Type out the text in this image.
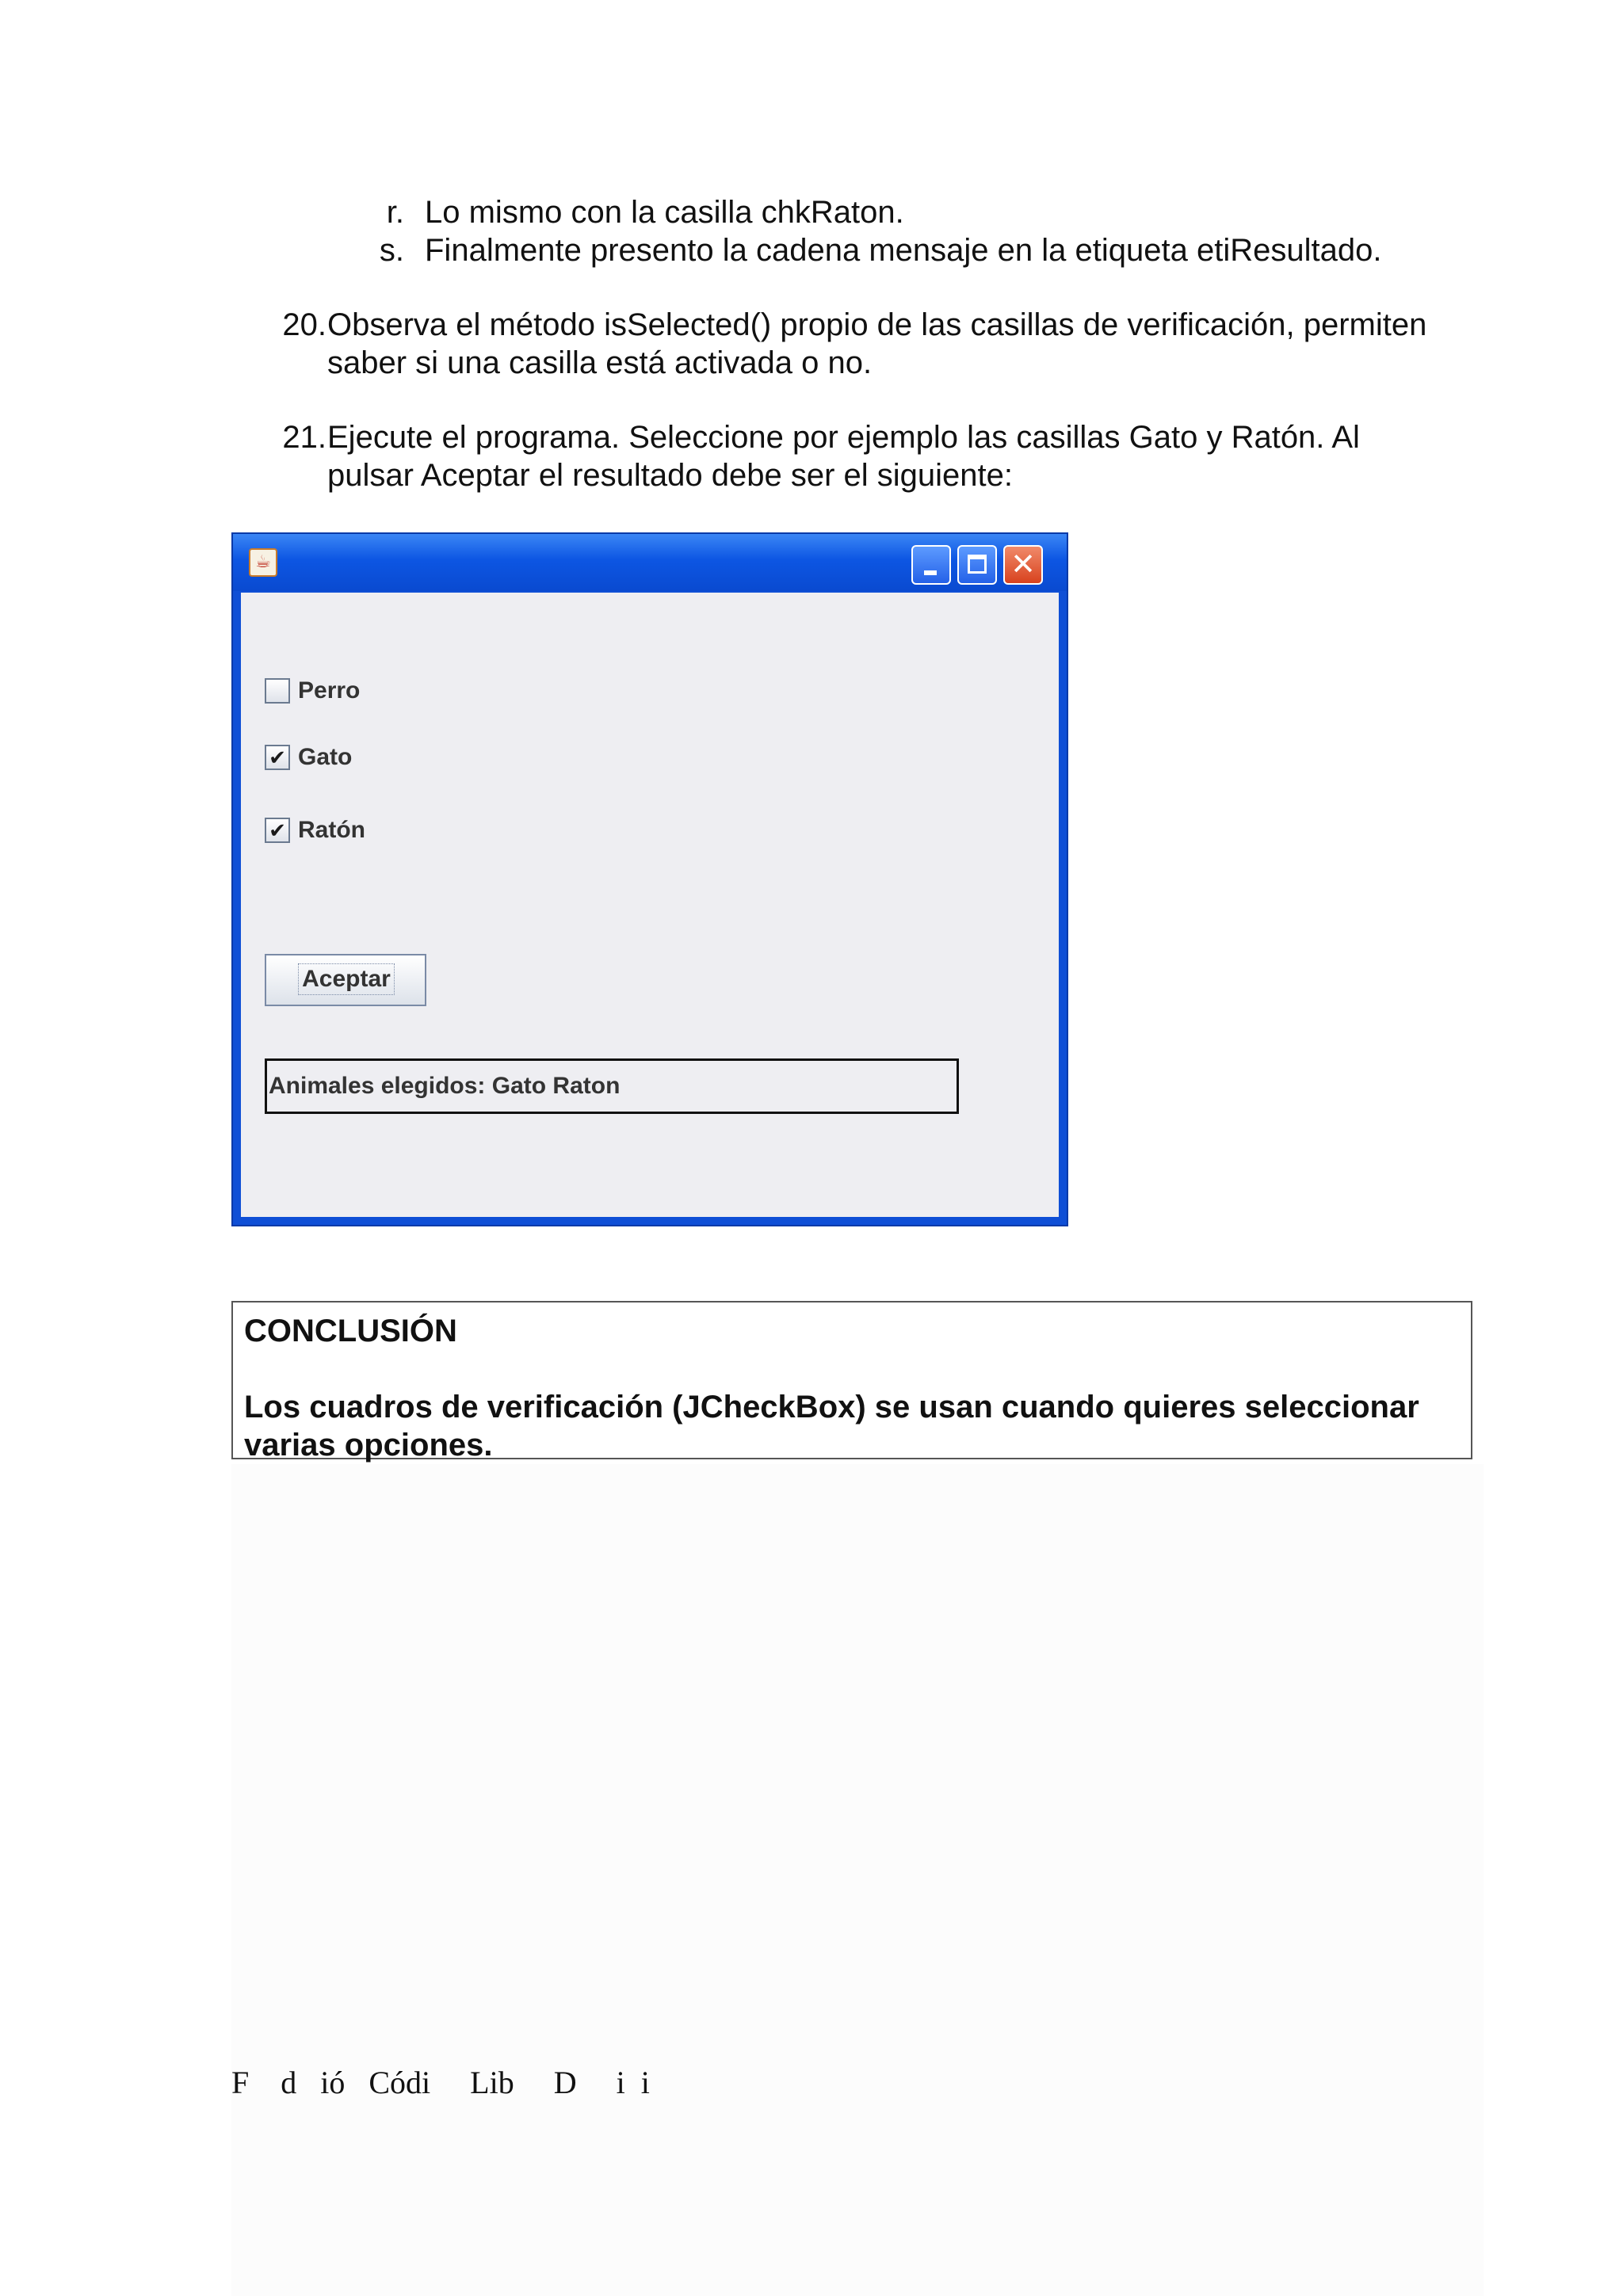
r. Lo mismo con la casilla chkRaton.
s. Finalmente presento la cadena mensaje en la etiqueta etiResultado.
20. Observa el método isSelected() propio de las casillas de verificación, permiten
saber si una casilla está activada o no.
21. Ejecute el programa. Seleccione por ejemplo las casillas Gato y Ratón. Al
pulsar Aceptar el resultado debe ser el siguiente:
☕	✕
Perro
✔ Gato
✔ Ratón
Aceptar
Animales elegidos: Gato Raton
CONCLUSIÓN
Los cuadros de verificación (JCheckBox) se usan cuando quieres seleccionar
varias opciones.
F    d   ió   Códi     Lib     D     i  i
